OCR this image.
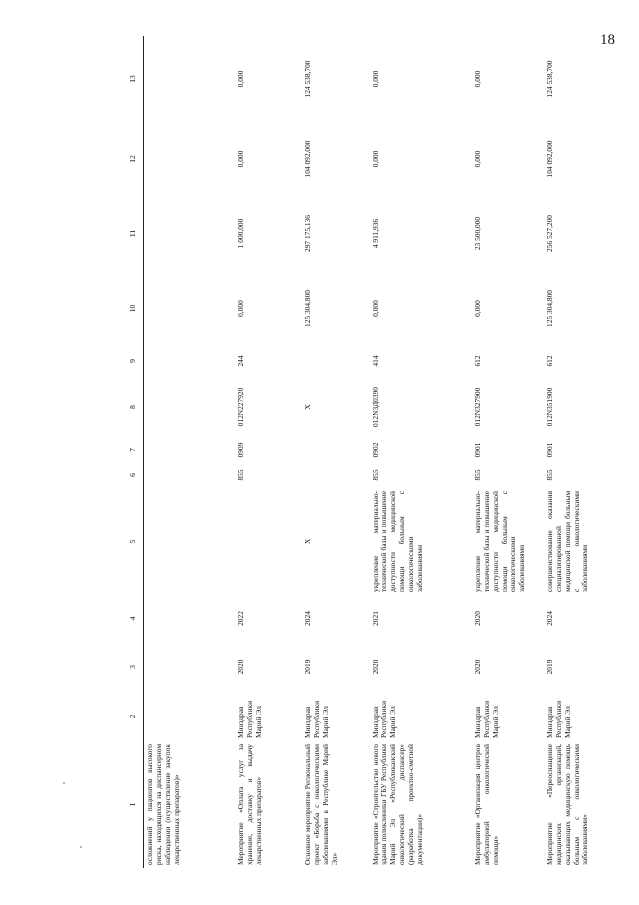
18
1	2	3	4	5	6	7	8	9	10	11	12	13
осложнений у пациентов высокого риска, находящихся на диспансерном наблюдении (осуществление закупок лекарственных препаратов)»												
Мероприятие «Оплата услуг за хранение, доставку и выдачу лекарственных препаратов»	Минздрав Республики Марий Эл	2020	2022		855	0909	012N227920	244	0,000	1 000,000	0,000	0,000
Основное мероприятие Региональный проект «Борьба с онкологическими заболеваниями в Республике Марий Эл»	Минздрав Республики Марий Эл	2019	2024	Х			Х		125 304,800	297 175,136	104 092,000	124 538,700
Мероприятие «Строительство нового здания поликлиники ГБУ Республики Марий Эл «Республиканский онкологический диспансер» (разработка проектно-сметной документации)»	Минздрав Республики Марий Эл	2020	2021	укрепление материально-технической базы и повышение доступности медицинской помощи больным с онкологическими заболеваниями	855	0902	012N3Д0390	414	0,000	4 911,936	0,000	0,000
Мероприятие «Организация центров амбулаторной онкологической помощи»	Минздрав Республики Марий Эл	2020	2020	укрепление материально-технической базы и повышение доступности медицинской помощи больным с онкологическими заболеваниями	855	0901	012N327900	612	0,000	23 500,000	0,000	0,000
Мероприятие «Переоснащение медицинских организаций, оказывающих медицинскую помощь больным с онкологическими заболеваниями»	Минздрав Республики Марий Эл	2019	2024	совершенствование оказания специализированной медицинской помощи больным с онкологическими заболеваниями	855	0901	012N351900	612	125 304,800	256 527,200	104 092,000	124 538,700
